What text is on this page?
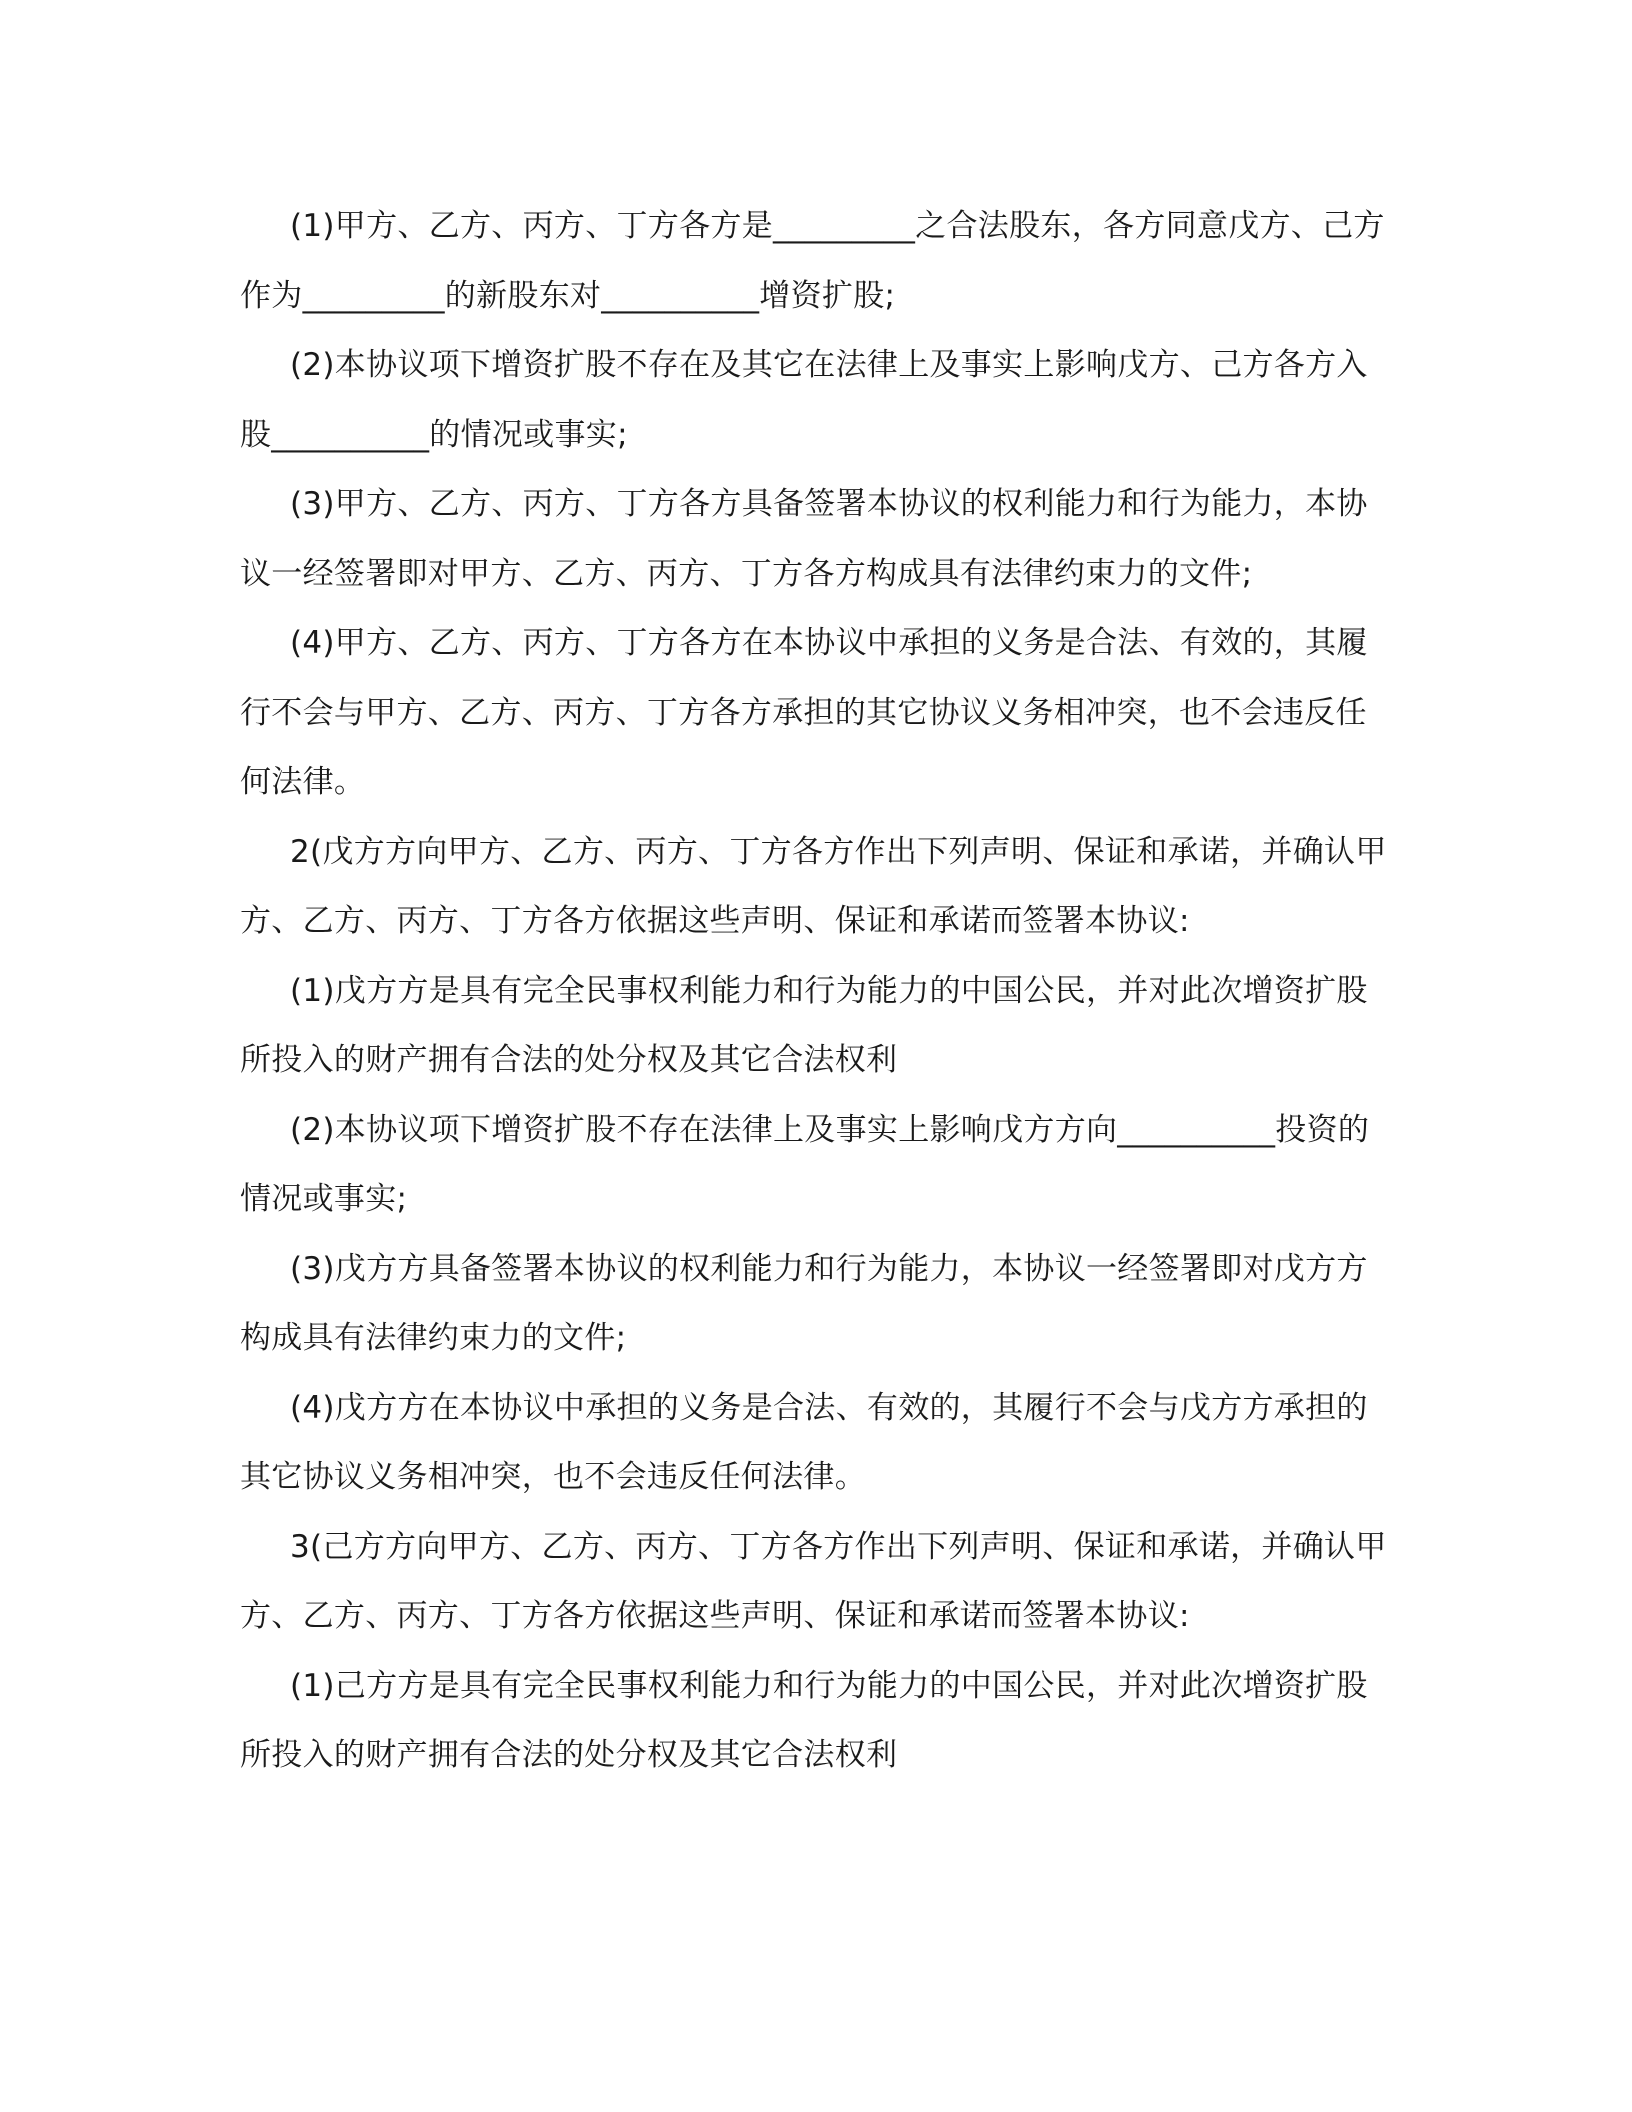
(1)甲方、乙方、丙方、丁方各方是_________之合法股东，各方同意戊方、己方作为_________的新股东对__________增资扩股;

(2)本协议项下增资扩股不存在及其它在法律上及事实上影响戊方、己方各方入股__________的情况或事实;

(3)甲方、乙方、丙方、丁方各方具备签署本协议的权利能力和行为能力，本协议一经签署即对甲方、乙方、丙方、丁方各方构成具有法律约束力的文件;

(4)甲方、乙方、丙方、丁方各方在本协议中承担的义务是合法、有效的，其履行不会与甲方、乙方、丙方、丁方各方承担的其它协议义务相冲突，也不会违反任何法律。

2(戊方方向甲方、乙方、丙方、丁方各方作出下列声明、保证和承诺，并确认甲方、乙方、丙方、丁方各方依据这些声明、保证和承诺而签署本协议:

(1)戊方方是具有完全民事权利能力和行为能力的中国公民，并对此次增资扩股所投入的财产拥有合法的处分权及其它合法权利

(2)本协议项下增资扩股不存在法律上及事实上影响戊方方向__________投资的情况或事实;

(3)戊方方具备签署本协议的权利能力和行为能力，本协议一经签署即对戊方方构成具有法律约束力的文件;

(4)戊方方在本协议中承担的义务是合法、有效的，其履行不会与戊方方承担的其它协议义务相冲突，也不会违反任何法律。

3(己方方向甲方、乙方、丙方、丁方各方作出下列声明、保证和承诺，并确认甲方、乙方、丙方、丁方各方依据这些声明、保证和承诺而签署本协议:

(1)己方方是具有完全民事权利能力和行为能力的中国公民，并对此次增资扩股所投入的财产拥有合法的处分权及其它合法权利
